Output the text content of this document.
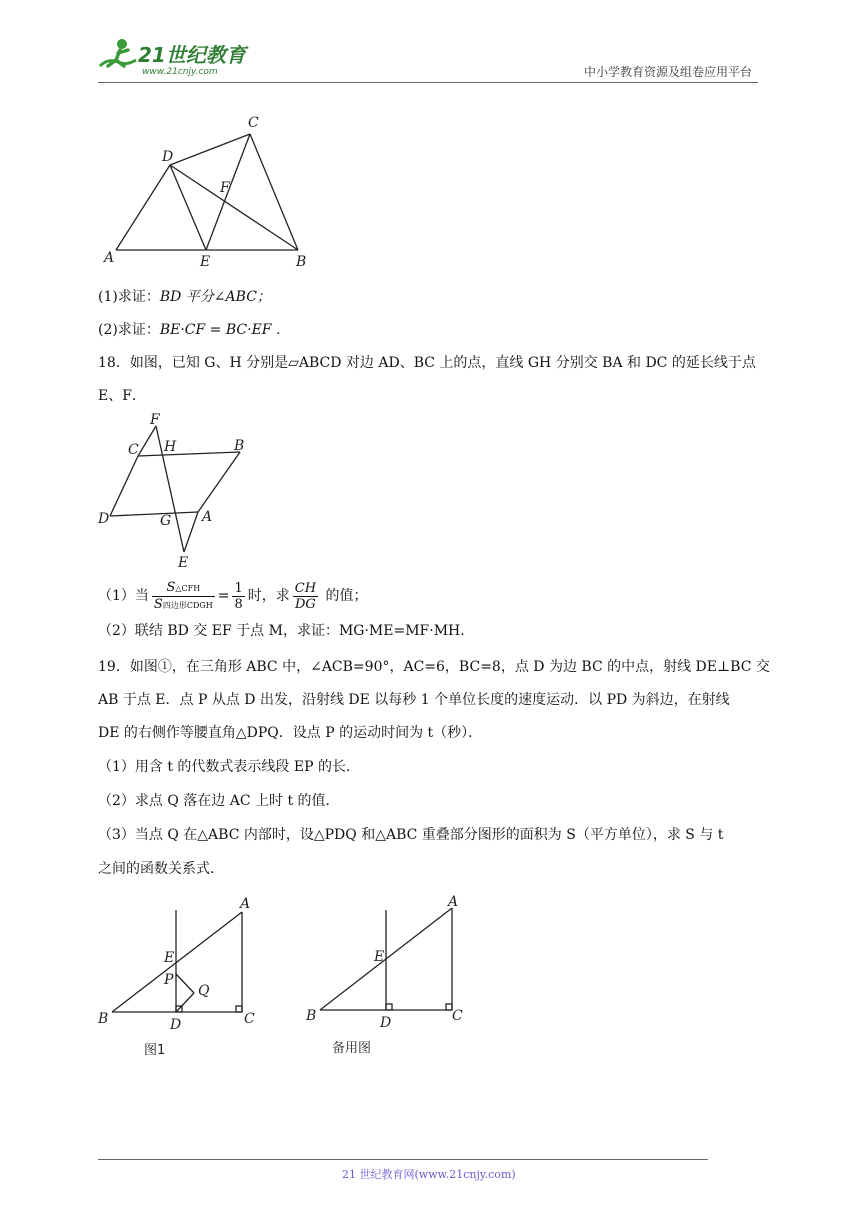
21世纪教育
www.21cnjy.com	中小学教育资源及组卷应用平台
A	B
C
D
E
F
(1)求证：BD 平分∠ABC；
(2)求证：BE·CF = BC·EF .
18．如图，已知 G、H 分别是▱ABCD 对边 AD、BC 上的点，直线 GH 分别交 BA 和 DC 的延长线于点
E、F．
F
C H	B
D	G A
E
（1）当 $\frac{\text{S△CFH}}{\text{S四边形CDGH}} = \frac{1}{8}$ 时，求 $\frac{CH}{DG}$ 的值；
（2）联结 BD 交 EF 于点 M，求证：MG·ME=MF·MH.
19．如图①，在三角形 ABC 中，∠ACB=90°，AC=6，BC=8，点 D 为边 BC 的中点，射线 DE⊥BC 交
AB 于点 E．点 P 从点 D 出发，沿射线 DE 以每秒 1 个单位长度的速度运动．以 PD 为斜边，在射线
DE 的右侧作等腰直角△DPQ．设点 P 的运动时间为 t（秒）．
（1）用含 t 的代数式表示线段 EP 的长．
（2）求点 Q 落在边 AC 上时 t 的值．
（3）当点 Q 在△ABC 内部时，设△PDQ 和△ABC 重叠部分图形的面积为 S（平方单位），求 S 与 t
之间的函数关系式．
A
B	C
D
E
P
Q
图1
A
B	C
D
E
备用图
21 世纪教育网(www.21cnjy.com)
